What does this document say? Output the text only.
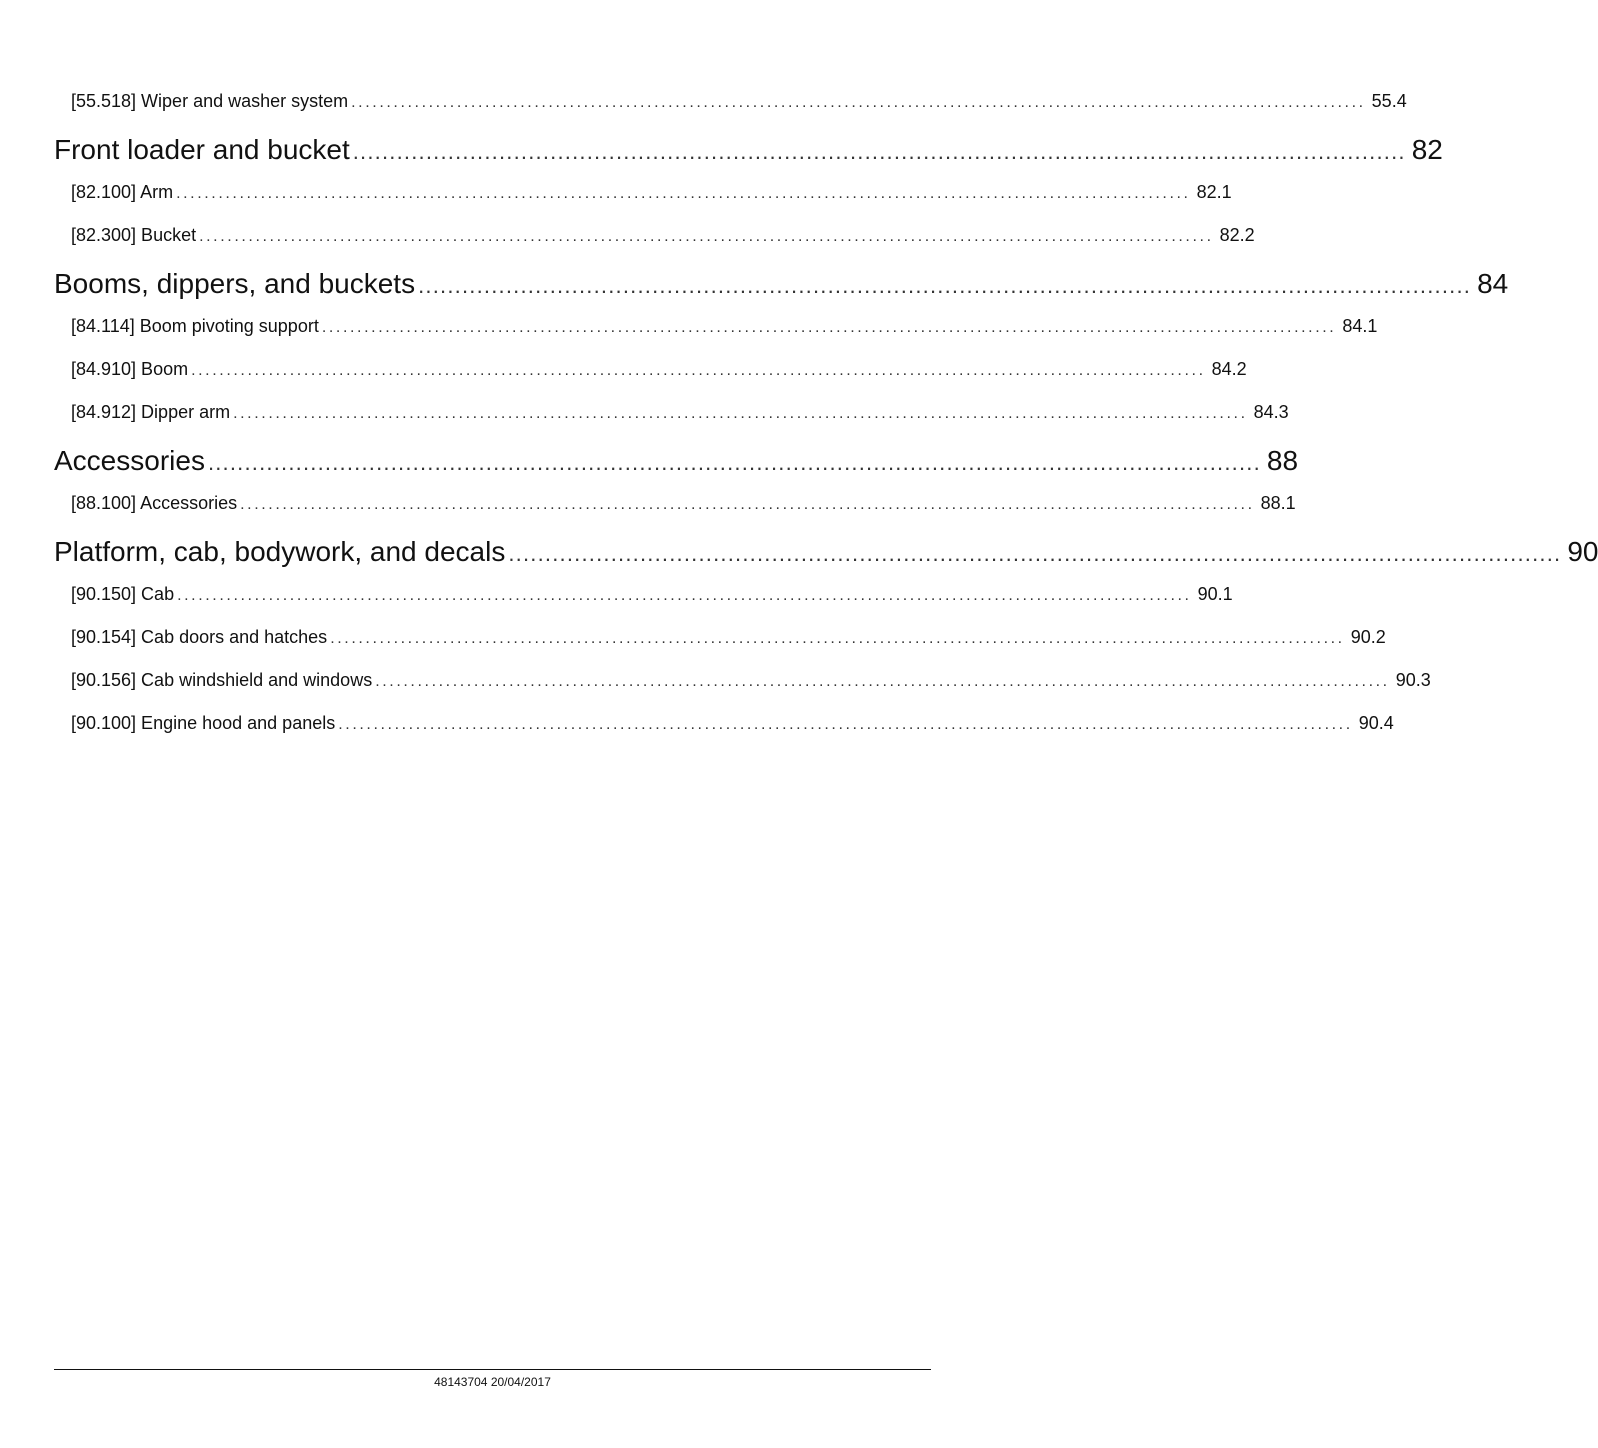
[55.518] Wiper and washer system ................................................................................................................................................ 55.4
Front loader and bucket ................................................................................................................................................ 82
[82.100] Arm ................................................................................................................................................ 82.1
[82.300] Bucket ................................................................................................................................................ 82.2
Booms, dippers, and buckets ................................................................................................................................................ 84
[84.114] Boom pivoting support ................................................................................................................................................ 84.1
[84.910] Boom ................................................................................................................................................ 84.2
[84.912] Dipper arm ................................................................................................................................................ 84.3
Accessories ................................................................................................................................................ 88
[88.100] Accessories ................................................................................................................................................ 88.1
Platform, cab, bodywork, and decals ................................................................................................................................................ 90
[90.150] Cab ................................................................................................................................................ 90.1
[90.154] Cab doors and hatches ................................................................................................................................................ 90.2
[90.156] Cab windshield and windows ................................................................................................................................................ 90.3
[90.100] Engine hood and panels ................................................................................................................................................ 90.4
48143704 20/04/2017
